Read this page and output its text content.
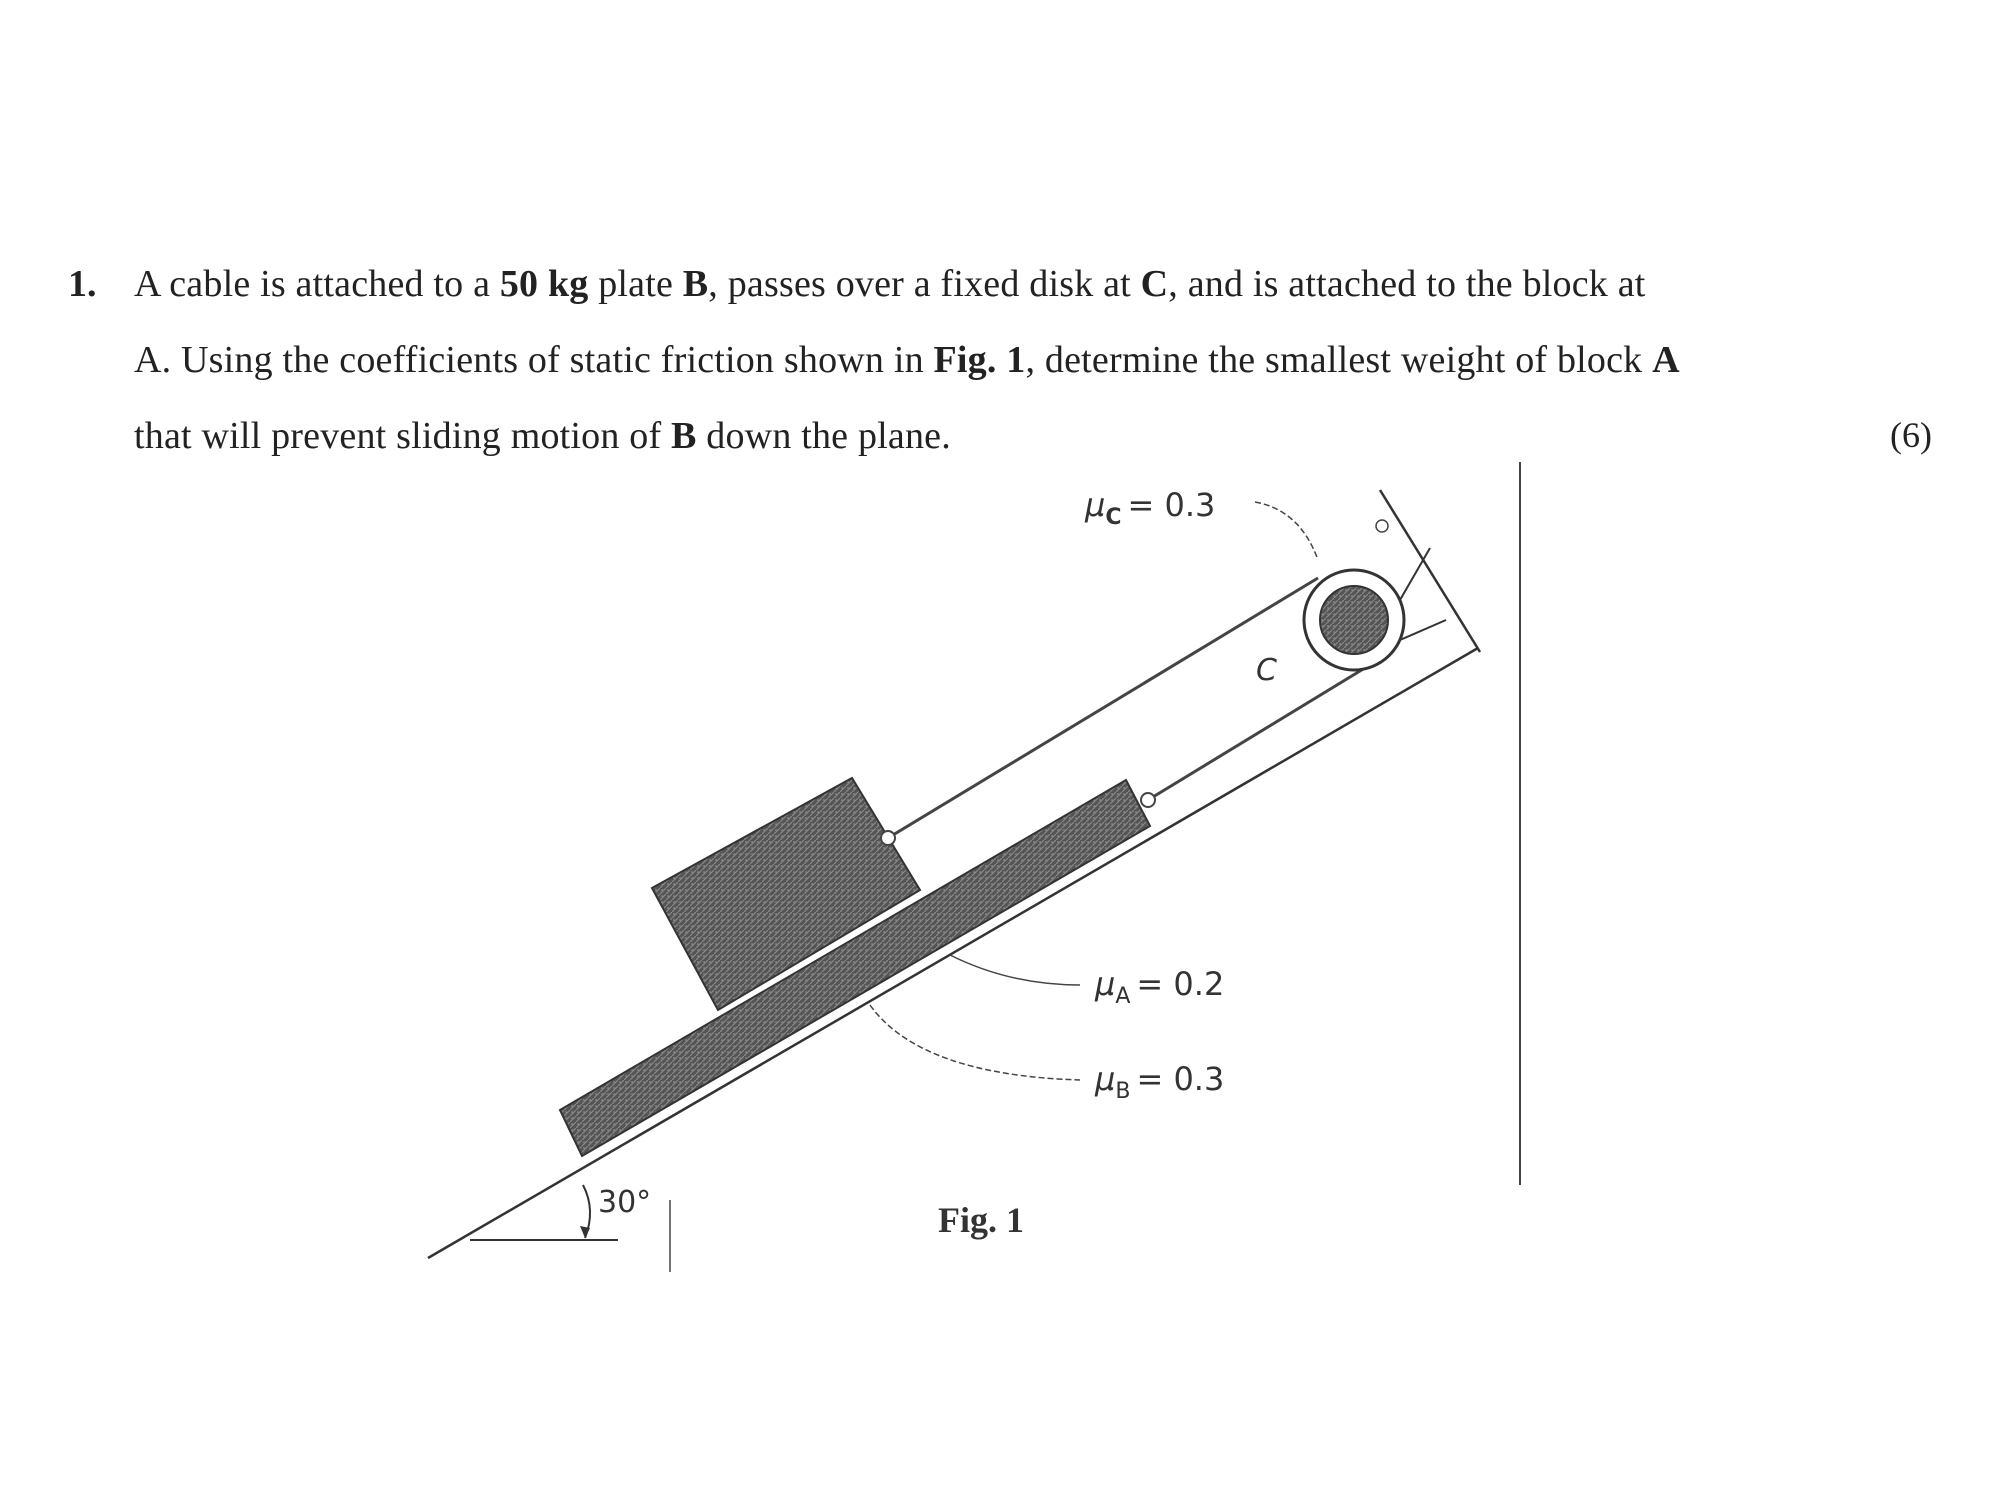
1. A cable is attached to a 50 kg plate B, passes over a fixed disk at C, and is attached to the block at
A. Using the coefficients of static friction shown in Fig. 1, determine the smallest weight of block A
that will prevent sliding motion of B down the plane.	(6)
30°
C
$\mu_C = 0.3$
$\mu_A = 0.2$
$\mu_B = 0.3$
Fig. 1
